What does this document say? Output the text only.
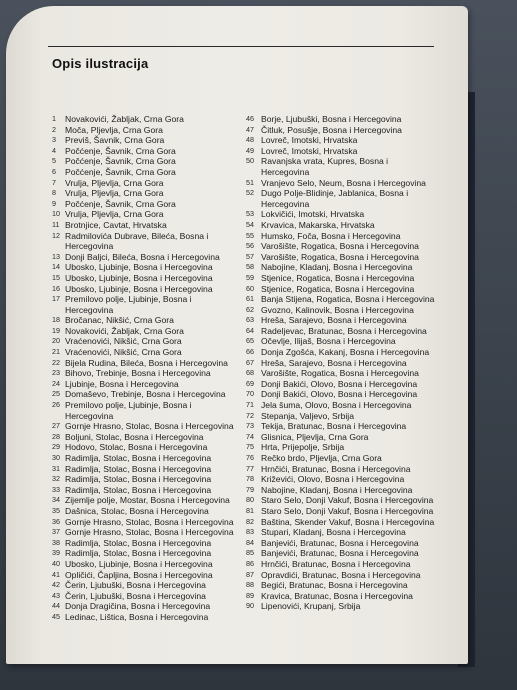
Opis ilustracija
1	Novakovići, Žabljak, Crna Gora
2	Moča, Pljevlja, Crna Gora
3	Previš, Šavnik, Crna Gora
4	Počćenje, Šavnik, Crna Gora
5	Počćenje, Šavnik, Crna Gora
6	Počćenje, Šavnik, Crna Gora
7	Vrulja, Pljevlja, Crna Gora
8	Vrulja, Pljevlja, Crna Gora
9	Počćenje, Šavnik, Crna Gora
10 Vrulja, Pljevlja, Crna Gora
11 Brotnjice, Cavtat, Hrvatska
12 Radmilovića Dubrave, Bileća, Bosna i
Hercegovina
13 Donji Baljci, Bileća, Bosna i Hercegovina
14 Ubosko, Ljubinje, Bosna i Hercegovina
15 Ubosko, Ljubinje, Bosna i Hercegovina
16 Ubosko, Ljubinje, Bosna i Hercegovina
17 Premilovo polje, Ljubinje, Bosna i
Hercegovina
18 Bročanac, Nikšić, Crna Gora
19 Novakovići, Žabljak, Crna Gora
20 Vraćenovići, Nikšić, Crna Gora
21 Vraćenovići, Nikšić, Crna Gora
22 Bijela Rudina, Bileća, Bosna i Hercegovina
23 Bihovo, Trebinje, Bosna i Hercegovina
24 Ljubinje, Bosna i Hercegovina
25 Domaševo, Trebinje, Bosna i Hercegovina
26 Premilovo polje, Ljubinje, Bosna i
Hercegovina
27 Gornje Hrasno, Stolac, Bosna i Hercegovina
28 Boljuni, Stolac, Bosna i Hercegovina
29 Hodovo, Stolac, Bosna i Hercegovina
30 Radimlja, Stolac, Bosna i Hercegovina
31 Radimlja, Stolac, Bosna i Hercegovina
32 Radimlja, Stolac, Bosna i Hercegovina
33 Radimlja, Stolac, Bosna i Hercegovina
34 Zijemlje polje, Mostar, Bosna i Hercegovina
35 Dašnica, Stolac, Bosna i Hercegovina
36 Gornje Hrasno, Stolac, Bosna i Hercegovina
37 Gornje Hrasno, Stolac, Bosna i Hercegovina
38 Radimlja, Stolac, Bosna i Hercegovina
39 Radimlja, Stolac, Bosna i Hercegovina
40 Ubosko, Ljubinje, Bosna i Hercegovina
41 Opličići, Čapljina, Bosna i Hercegovina
42 Čerin, Ljubuški, Bosna i Hercegovina
43 Čerin, Ljubuški, Bosna i Hercegovina
44 Donja Dragičina, Bosna i Hercegovina
45 Ledinac, Lištica, Bosna i Hercegovina
46 Borje, Ljubuški, Bosna i Hercegovina
47 Čitluk, Posušje, Bosna i Hercegovina
48 Lovreč, Imotski, Hrvatska
49 Lovreč, Imotski, Hrvatska
50 Ravanjska vrata, Kupres, Bosna i
Hercegovina
51 Vranjevo Selo, Neum, Bosna i Hercegovina
52 Dugo Polje-Blidinje, Jablanica, Bosna i
Hercegovina
53 Lokvičići, Imotski, Hrvatska
54 Krvavica, Makarska, Hrvatska
55 Humsko, Foča, Bosna i Hercegovina
56 Varošište, Rogatica, Bosna i Hercegovina
57 Varošište, Rogatica, Bosna i Hercegovina
58 Nabojine, Kladanj, Bosna i Hercegovina
59 Stjenice, Rogatica, Bosna i Hercegovina
60 Stjenice, Rogatica, Bosna i Hercegovina
61 Banja Stijena, Rogatica, Bosna i Hercegovina
62 Gvozno, Kalinovik, Bosna i Hercegovina
63 Hreša, Sarajevo, Bosna i Hercegovina
64 Radeljevac, Bratunac, Bosna i Hercegovina
65 Očevlje, Ilijaš, Bosna i Hercegovina
66 Donja Zgošća, Kakanj, Bosna i Hercegovina
67 Hreša, Sarajevo, Bosna i Hercegovina
68 Varošište, Rogatica, Bosna i Hercegovina
69 Donji Bakići, Olovo, Bosna i Hercegovina
70 Donji Bakići, Olovo, Bosna i Hercegovina
71 Jela šuma, Olovo, Bosna i Hercegovina
72 Stepanja, Valjevo, Srbija
73 Tekija, Bratunac, Bosna i Hercegovina
74 Glisnica, Pljevlja, Crna Gora
75 Hrta, Prijepolje, Srbija
76 Rečko brdo, Pljevlja, Crna Gora
77 Hrnčići, Bratunac, Bosna i Hercegovina
78 Križevići, Olovo, Bosna i Hercegovina
79 Nabojine, Kladanj, Bosna i Hercegovina
80 Staro Selo, Donji Vakuf, Bosna i Hercegovina
81 Staro Selo, Donji Vakuf, Bosna i Hercegovina
82 Baština, Skender Vakuf, Bosna i Hercegovina
83 Stupari, Kladanj, Bosna i Hercegovina
84 Banjevići, Bratunac, Bosna i Hercegovina
85 Banjevići, Bratunac, Bosna i Hercegovina
86 Hrnčići, Bratunac, Bosna i Hercegovina
87 Opravdići, Bratunac, Bosna i Hercegovina
88 Begići, Bratunac, Bosna i Hercegovina
89 Kravica, Bratunac, Bosna i Hercegovina
90 Lipenovići, Krupanj, Srbija
